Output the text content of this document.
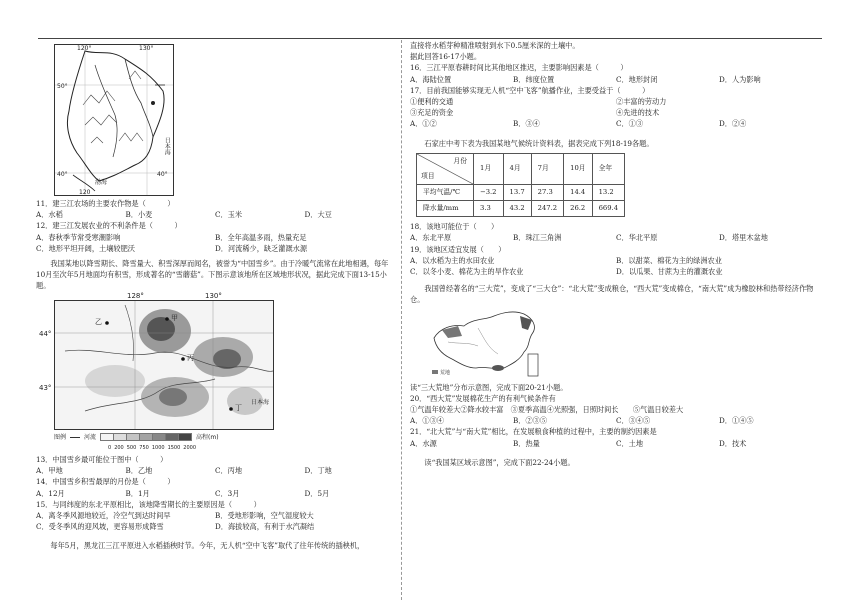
120°	130°
50°
40°	40°
120
渤海
日本海
11．建三江农场的主要农作物是（　　　）
A．水稻	B．小麦	C．玉米	D．大豆
12．建三江发展农业的不利条件是（　　　）
A．春秋季节常受寒潮影响	B．全年高温多雨，热量充足
C．地形平坦开阔，土壤较肥沃	D．河流稀少，缺乏灌溉水源

我国某地以降雪期长、降雪量大、积雪深厚而闻名，被誉为“中国雪乡”。由于冷暖气流常在此地相遇，每年10月至次年5月地面均有积雪，形成著名的“雪蘑菇”。下图示意该地所在区域地形状况，据此完成下面13-15小题。

128°	130°
44°
43°
甲
乙
丙
丁
日本海
图例	河流	高程(m)
0 200 500 750 1000 1500 2000
13．中国雪乡最可能位于图中（　　　）
A．甲地	B．乙地	C．丙地	D．丁地
14．中国雪乡积雪最厚的月份是（　　　）
A．12月	B．1月	C．3月	D．5月
15．与同纬度的东北平原相比，该地降雪期长的主要原因是（　　　）
A．离冬季风源地较近，冷空气到达时间早	B．受地形影响，空气湿度较大
C．受冬季风的迎风坡，更容易形成降雪	D．海拔较高，有利于水汽凝结

每年5月，黑龙江三江平原进入水稻插秧时节。今年，无人机“空中飞客”取代了往年传统的插秧机，

直接将水稻芽种精准喷射到水下0.5厘米深的土壤中。
据此回答16-17小题。
16．三江平原春耕时间比其他地区推迟，主要影响因素是（　　　）
A．海陆位置	B．纬度位置	C．地形封闭	D．人为影响
17．目前我国能够实现无人机“空中飞客”航播作业，主要受益于（　　　）
①便利的交通	②丰富的劳动力
③充足的资金	④先进的技术
A．①②	B．③④	C．①③	D．②④

石家庄中考下表为我国某地气候统计资料表，据表完成下列18-19各题。

月份
项目	1月	4月	7月	10月	全年
平均气温/℃	−3.2	13.7	27.3	14.4	13.2
降水量/mm	3.3	43.2	247.2	26.2	669.4
18．该地可能位于（　　）
A．东北平原	B．珠江三角洲	C．华北平原	D．塔里木盆地
19．该地区适宜发展（　　）
A．以水稻为主的水田农业	B．以甜菜、棉花为主的绿洲农业
C．以冬小麦、棉花为主的旱作农业	D．以瓜果、甘蔗为主的灌溉农业

我国曾经著名的“三大荒”，变成了“三大仓”：“北大荒”变成粮仓，“西大荒”变成棉仓，“南大荒”成为橡胶林和热带经济作物仓。

荒地
读“三大荒地”分布示意图，完成下面20-21小题。
20．“西大荒”发展棉花生产的有利气候条件有
①气温年较差大②降水较丰富　③夏季高温④光照强，日照时间长　　⑤气温日较差大
A．①③④	B．②③⑤	C．③④⑤	D．①④⑤
21．“北大荒”与“南大荒”相比，在发展粮食种植的过程中，主要的制约因素是
A．水源	B．热量	C．土地	D．技术

读“我国某区域示意图”，完成下面22-24小题。
